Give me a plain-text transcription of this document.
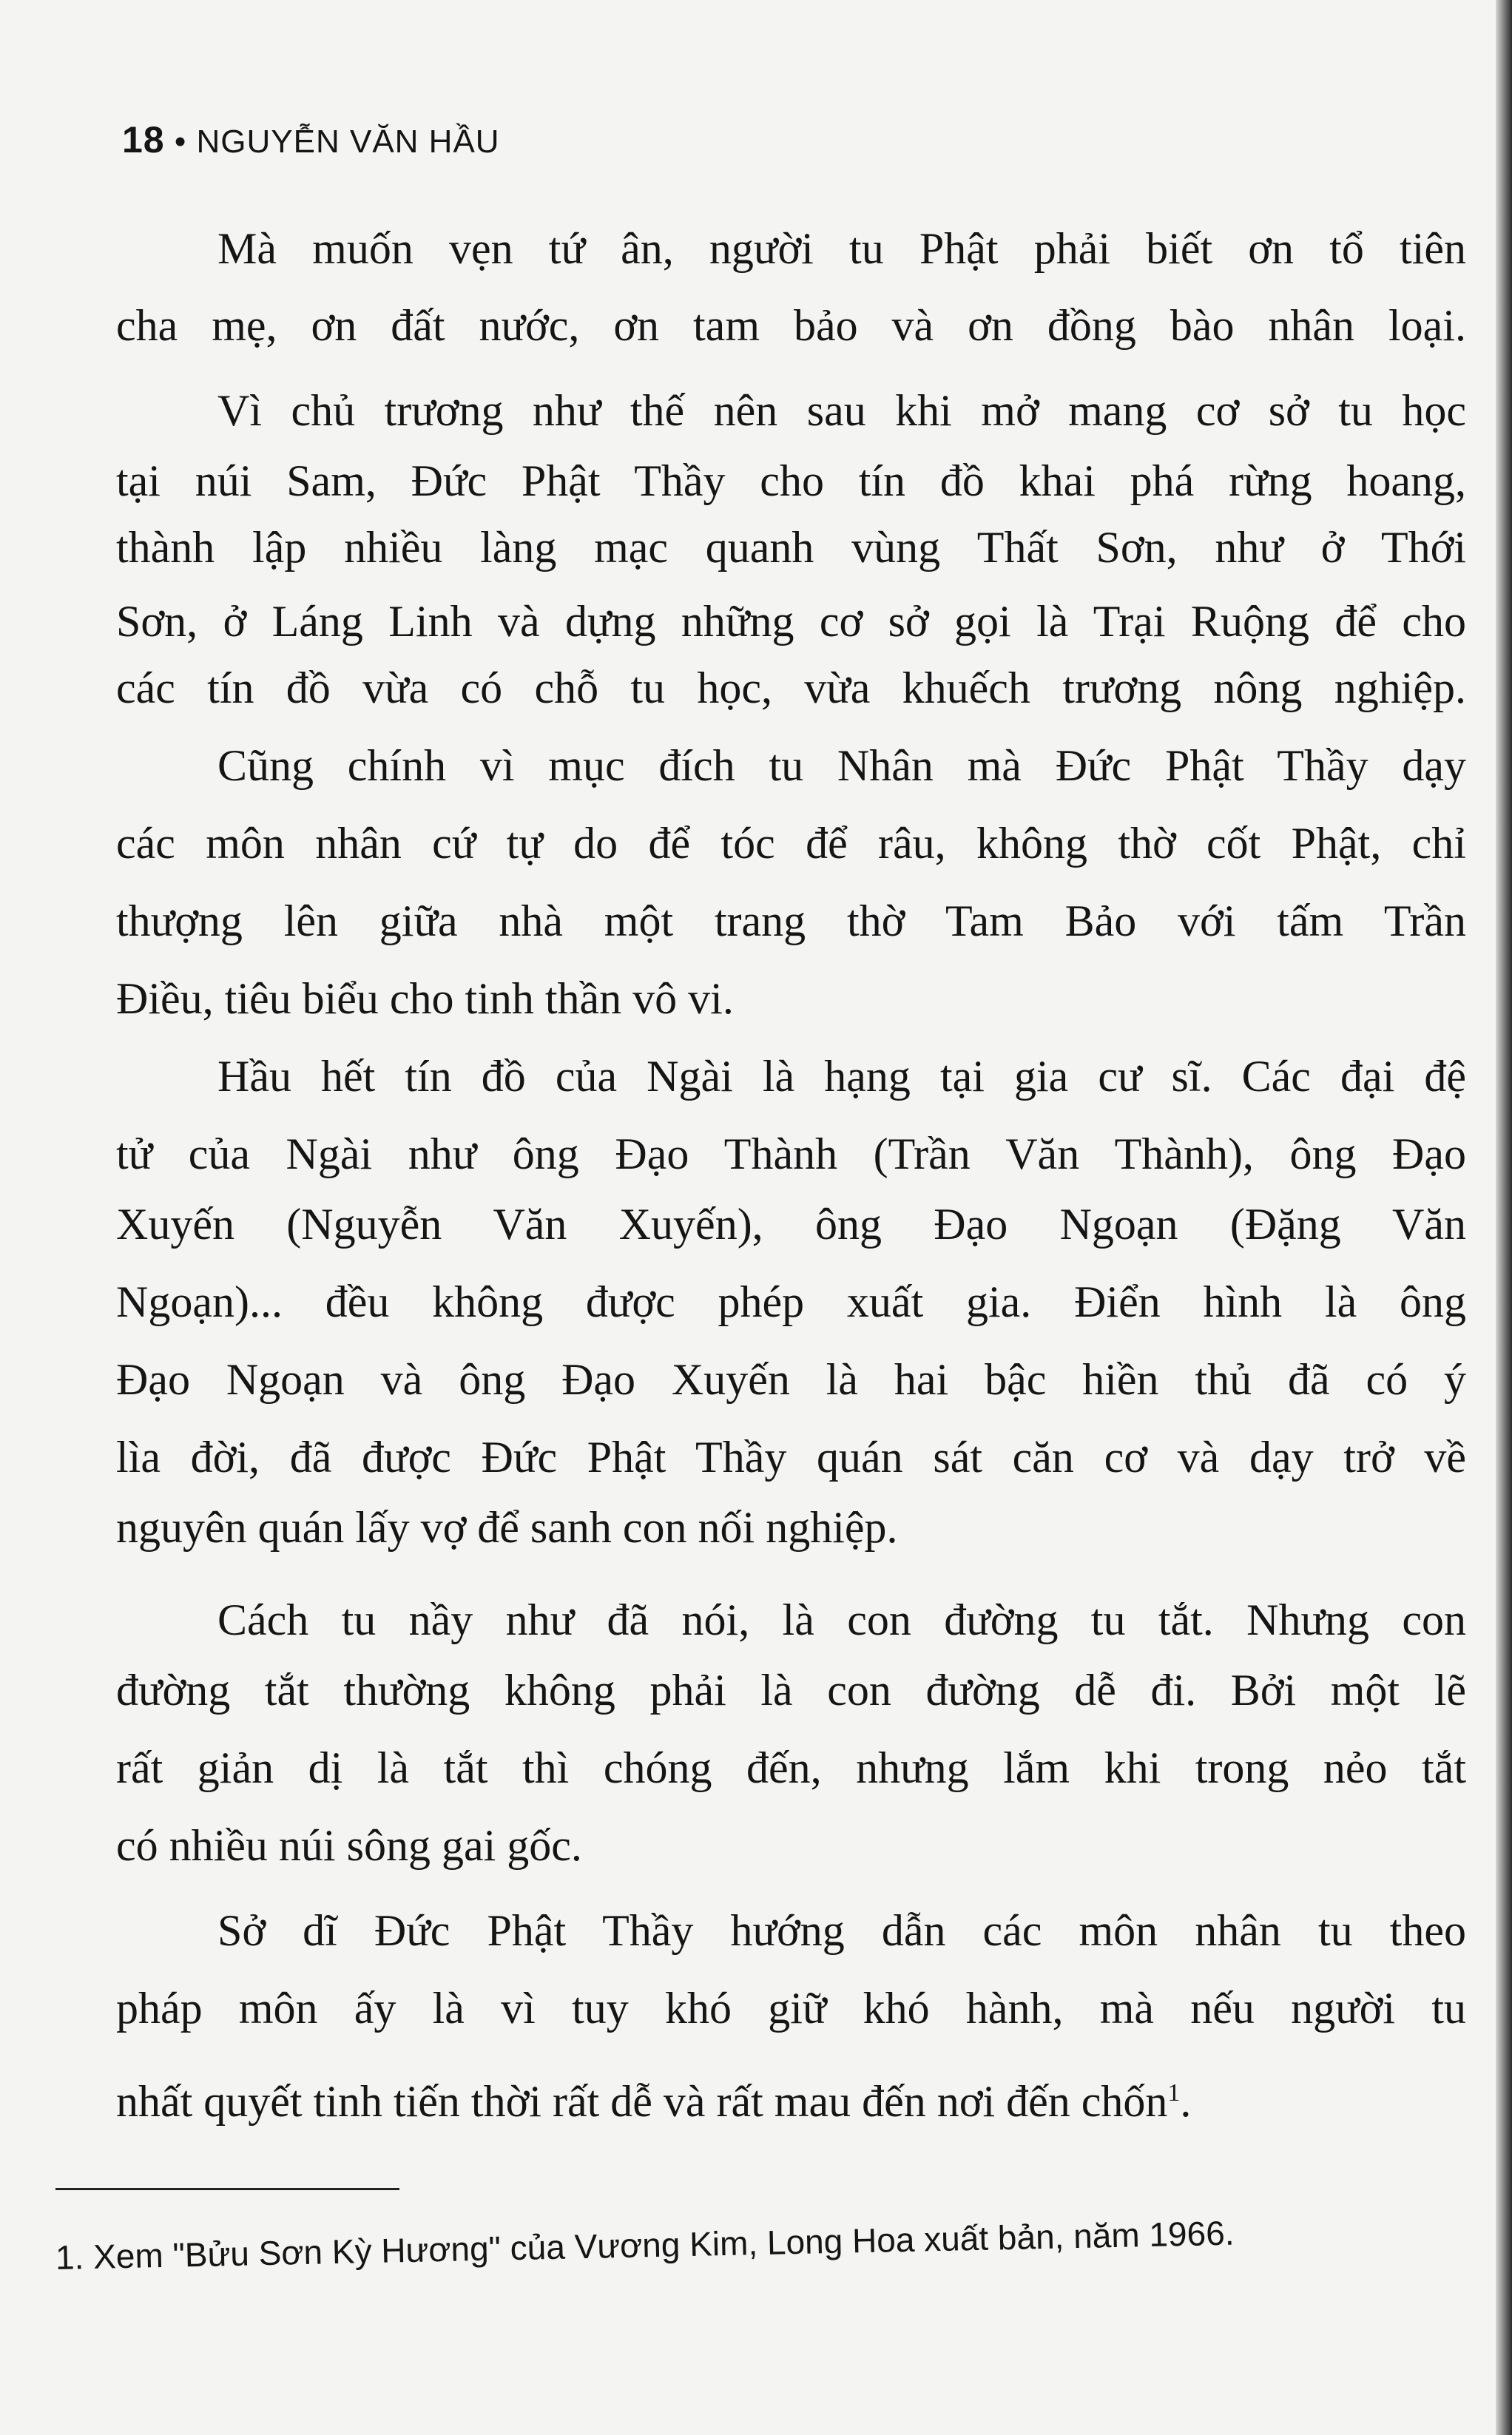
18 • NGUYỄN VĂN HẦU
Mà muốn vẹn tứ ân, người tu Phật phải biết ơn tổ tiên
cha mẹ, ơn đất nước, ơn tam bảo và ơn đồng bào nhân loại.
Vì chủ trương như thế nên sau khi mở mang cơ sở tu học
tại núi Sam, Đức Phật Thầy cho tín đồ khai phá rừng hoang,
thành lập nhiều làng mạc quanh vùng Thất Sơn, như ở Thới
Sơn, ở Láng Linh và dựng những cơ sở gọi là Trại Ruộng để cho
các tín đồ vừa có chỗ tu học, vừa khuếch trương nông nghiệp.
Cũng chính vì mục đích tu Nhân mà Đức Phật Thầy dạy
các môn nhân cứ tự do để tóc để râu, không thờ cốt Phật, chỉ
thượng lên giữa nhà một trang thờ Tam Bảo với tấm Trần
Điều, tiêu biểu cho tinh thần vô vi.
Hầu hết tín đồ của Ngài là hạng tại gia cư sĩ. Các đại đệ
tử của Ngài như ông Đạo Thành (Trần Văn Thành), ông Đạo
Xuyến (Nguyễn Văn Xuyến), ông Đạo Ngoạn (Đặng Văn
Ngoạn)... đều không được phép xuất gia. Điển hình là ông
Đạo Ngoạn và ông Đạo Xuyến là hai bậc hiền thủ đã có ý
lìa đời, đã được Đức Phật Thầy quán sát căn cơ và dạy trở về
nguyên quán lấy vợ để sanh con nối nghiệp.
Cách tu nầy như đã nói, là con đường tu tắt. Nhưng con
đường tắt thường không phải là con đường dễ đi. Bởi một lẽ
rất giản dị là tắt thì chóng đến, nhưng lắm khi trong nẻo tắt
có nhiều núi sông gai gốc.
Sở dĩ Đức Phật Thầy hướng dẫn các môn nhân tu theo
pháp môn ấy là vì tuy khó giữ khó hành, mà nếu người tu
nhất quyết tinh tiến thời rất dễ và rất mau đến nơi đến chốn$^1$.
1. Xem "Bửu Sơn Kỳ Hương" của Vương Kim, Long Hoa xuất bản, năm 1966.
